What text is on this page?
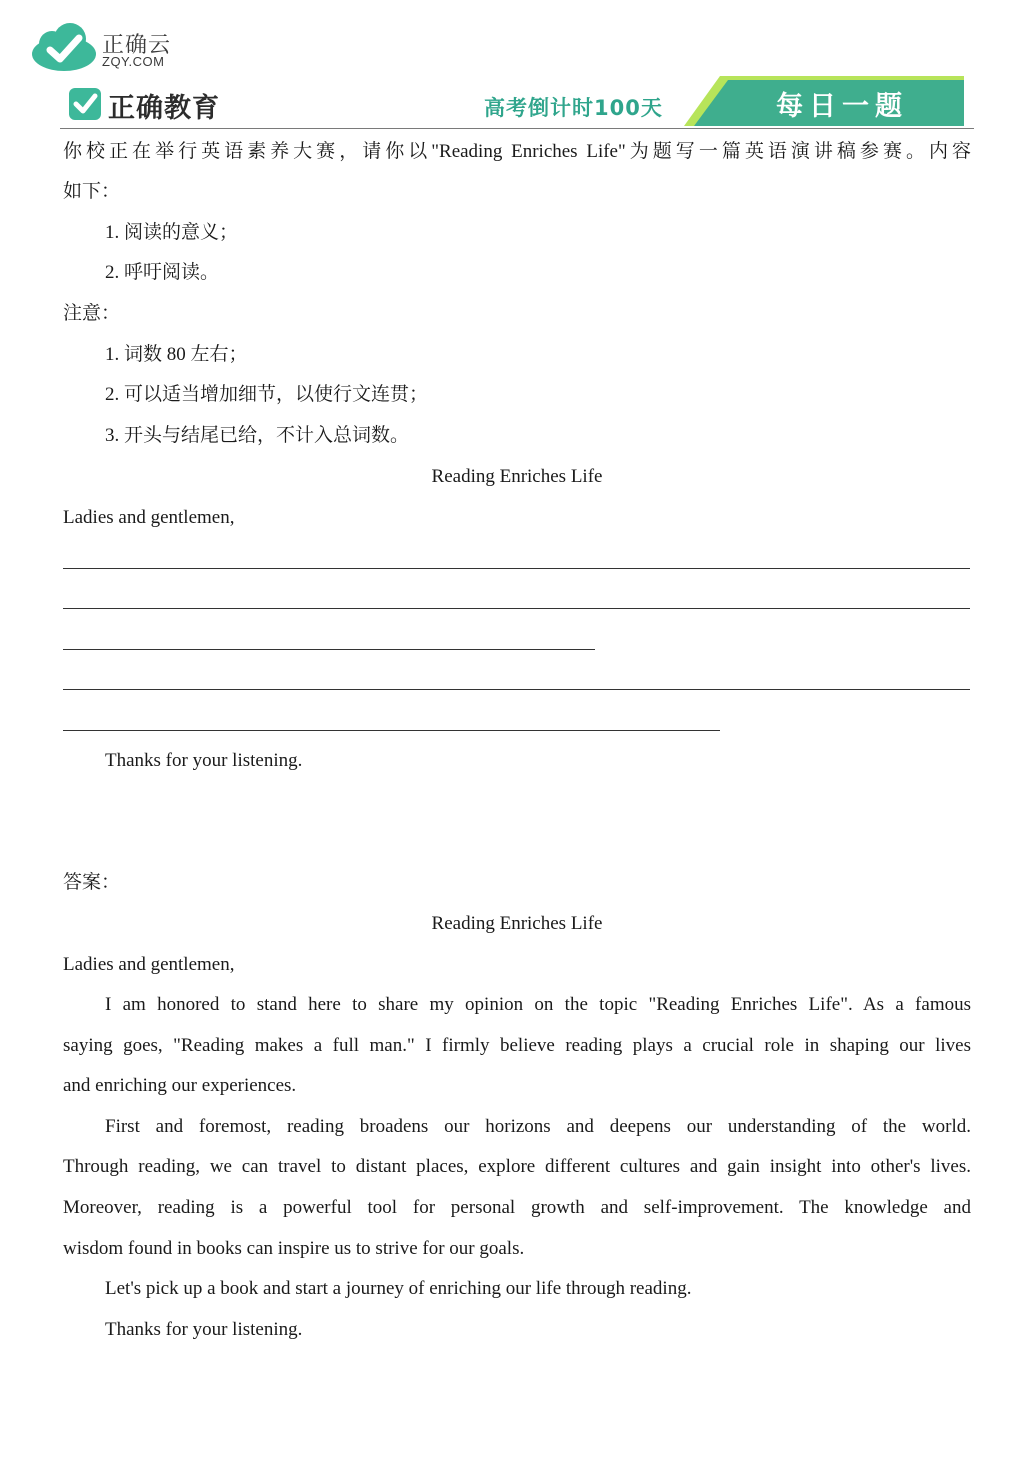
正确云
ZQY.COM
正确教育	高考倒计时100天	每日一题
你校正在举行英语素养大赛，请你以"Reading Enriches Life"为题写一篇英语演讲稿参赛。内容
如下：
1. 阅读的意义；
2. 呼吁阅读。
注意：
1. 词数 80 左右；
2. 可以适当增加细节，以使行文连贯；
3. 开头与结尾已给，不计入总词数。
Reading Enriches Life
Ladies and gentlemen,
Thanks for your listening.
答案：
Reading Enriches Life
Ladies and gentlemen,
I am honored to stand here to share my opinion on the topic "Reading Enriches Life". As a famous
saying goes, "Reading makes a full man." I firmly believe reading plays a crucial role in shaping our lives
and enriching our experiences.
First and foremost, reading broadens our horizons and deepens our understanding of the world.
Through reading, we can travel to distant places, explore different cultures and gain insight into other's lives.
Moreover, reading is a powerful tool for personal growth and self-improvement. The knowledge and
wisdom found in books can inspire us to strive for our goals.
Let's pick up a book and start a journey of enriching our life through reading.
Thanks for your listening.
